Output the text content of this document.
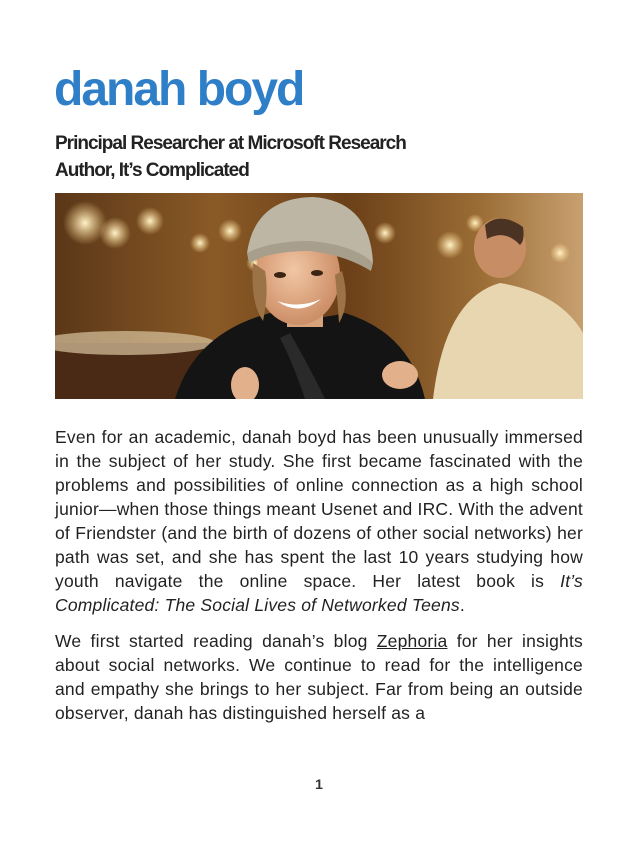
danah boyd
Principal Researcher at Microsoft Research
Author, It’s Complicated

Even for an academic, danah boyd has been unusually immersed in the subject of her study. She first became fascinated with the problems and possibilities of online connection as a high school junior—when those things meant Usenet and IRC. With the advent of Friendster (and the birth of dozens of other social networks) her path was set, and she has spent the last 10 years studying how youth navigate the online space. Her latest book is It’s Complicated: The Social Lives of Networked Teens.

We first started reading danah’s blog Zephoria for her insights about social networks. We continue to read for the intelligence and empathy she brings to her subject. Far from being an outside observer, danah has distinguished herself as a

1
